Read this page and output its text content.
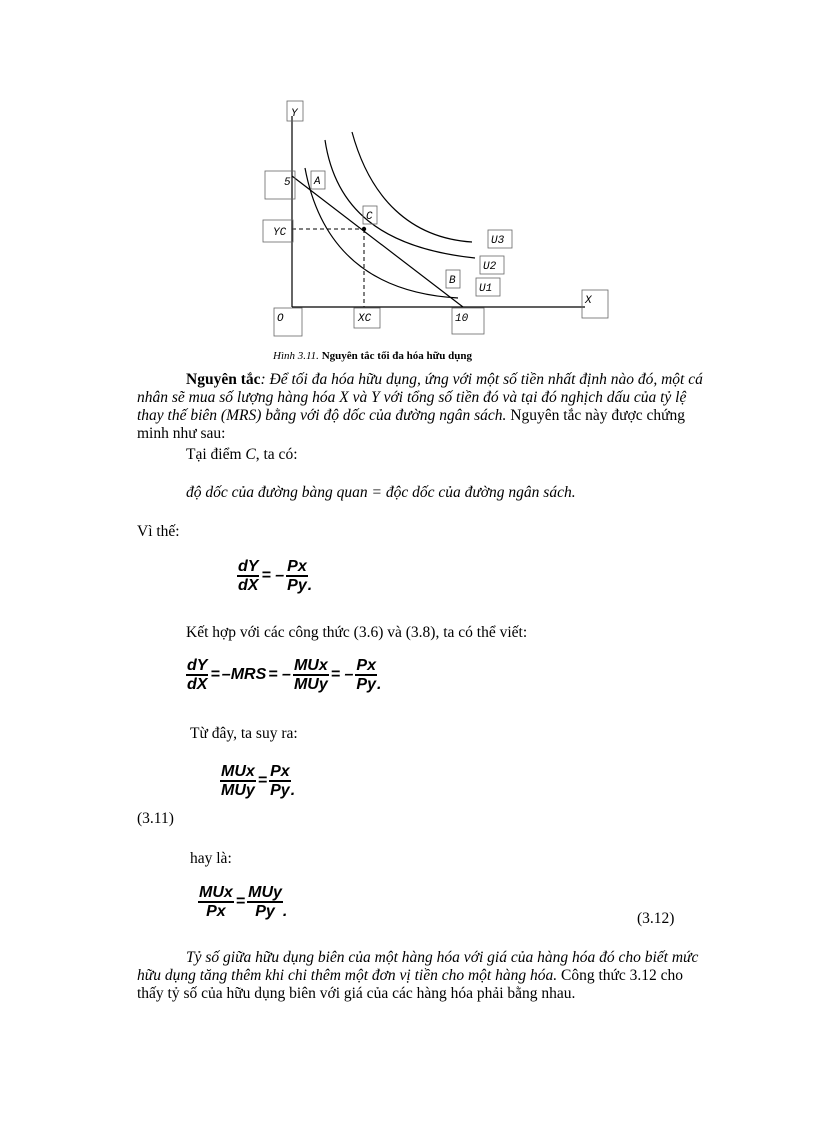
Y
5 A
C
YC
U3
U2
B
U1
X
O	XC	10
Hình 3.11. Nguyên tắc tối đa hóa hữu dụng
Nguyên tắc: Để tối đa hóa hữu dụng, ứng với một số tiền nhất định nào đó, một cá
nhân sẽ mua số lượng hàng hóa X và Y với tổng số tiền đó và tại đó nghịch dấu của tỷ lệ
thay thế biên (MRS) bằng với độ dốc của đường ngân sách. Nguyên tắc này được chứng
minh như sau:
Tại điểm C, ta có:
độ dốc của đường bàng quan = độc dốc của đường ngân sách.
Vì thế:
$\frac{dY}{dX}$ = – $\frac{Px}{Py}$ .
Kết hợp với các công thức (3.6) và (3.8), ta có thể viết:
$\frac{dY}{dX} = -MRS$ = – $\frac{\text{MUx}}{\text{MUy}}$ = – $\frac{Px}{Py}$ .
Từ đây, ta suy ra:
$\frac{\text{MUx}}{\text{MUy}} = \frac{Px}{Py}$ .
(3.11)
hay là:
$\frac{\text{MUx}}{Px} = \frac{\text{MUy}}{Py}$ .	(3.12)
Tỷ số giữa hữu dụng biên của một hàng hóa với giá của hàng hóa đó cho biết mức
hữu dụng tăng thêm khi chi thêm một đơn vị tiền cho một hàng hóa. Công thức 3.12 cho
thấy tỷ số của hữu dụng biên với giá của các hàng hóa phải bằng nhau.
